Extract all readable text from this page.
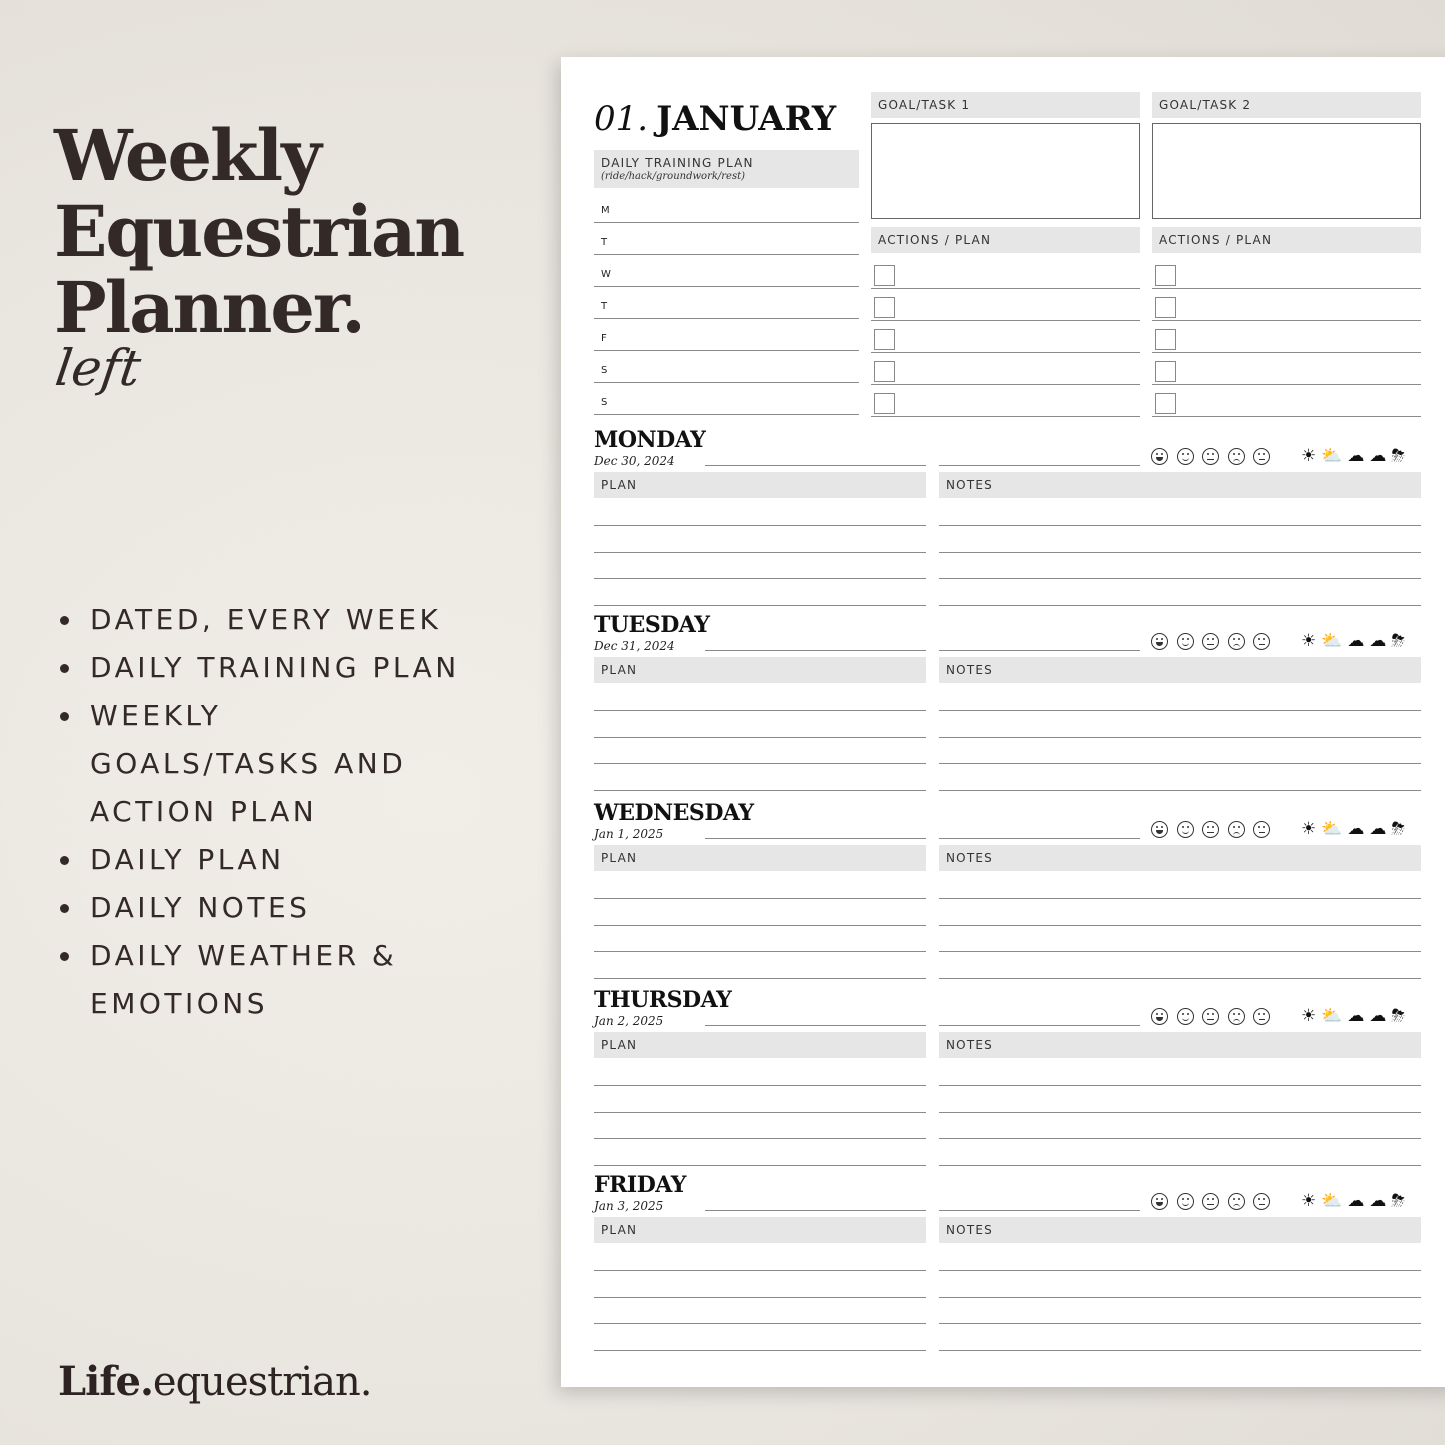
Weekly
Equestrian
Planner.
left
DATED, EVERY WEEK
DAILY TRAINING PLAN
WEEKLY
GOALS/TASKS AND
ACTION PLAN
DAILY PLAN
DAILY NOTES
DAILY WEATHER &
EMOTIONS
Life.equestrian.
01. JANUARY
DAILY TRAINING PLAN
(ride/hack/groundwork/rest)
M
T
W
T
F
S
S
GOAL/TASK 1
ACTIONS / PLAN
GOAL/TASK 2
ACTIONS / PLAN
MONDAY
Dec 30, 2024	☀ ⛅ ☁ ☁ ⛈
PLAN	NOTES
TUESDAY
Dec 31, 2024	☀ ⛅ ☁ ☁ ⛈
PLAN	NOTES
WEDNESDAY
Jan 1, 2025	☀ ⛅ ☁ ☁ ⛈
PLAN	NOTES
THURSDAY
Jan 2, 2025	☀ ⛅ ☁ ☁ ⛈
PLAN	NOTES
FRIDAY
Jan 3, 2025	☀ ⛅ ☁ ☁ ⛈
PLAN	NOTES
